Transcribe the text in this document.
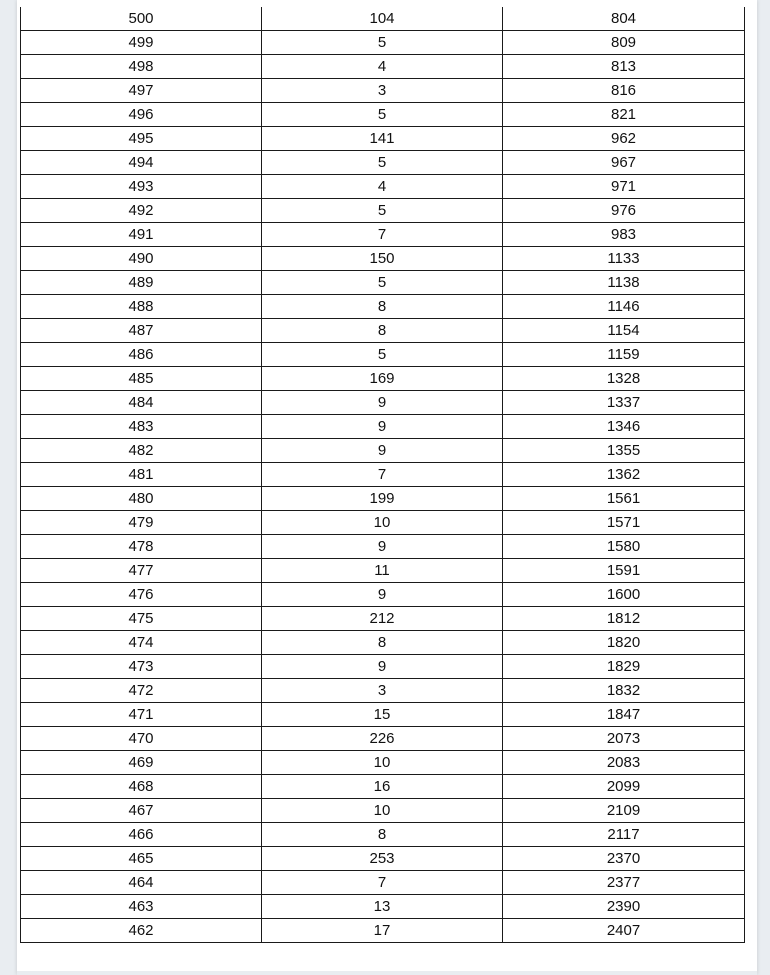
500	104	804
499	5	809
498	4	813
497	3	816
496	5	821
495	141	962
494	5	967
493	4	971
492	5	976
491	7	983
490	150	1133
489	5	1138
488	8	1146
487	8	1154
486	5	1159
485	169	1328
484	9	1337
483	9	1346
482	9	1355
481	7	1362
480	199	1561
479	10	1571
478	9	1580
477	11	1591
476	9	1600
475	212	1812
474	8	1820
473	9	1829
472	3	1832
471	15	1847
470	226	2073
469	10	2083
468	16	2099
467	10	2109
466	8	2117
465	253	2370
464	7	2377
463	13	2390
462	17	2407
